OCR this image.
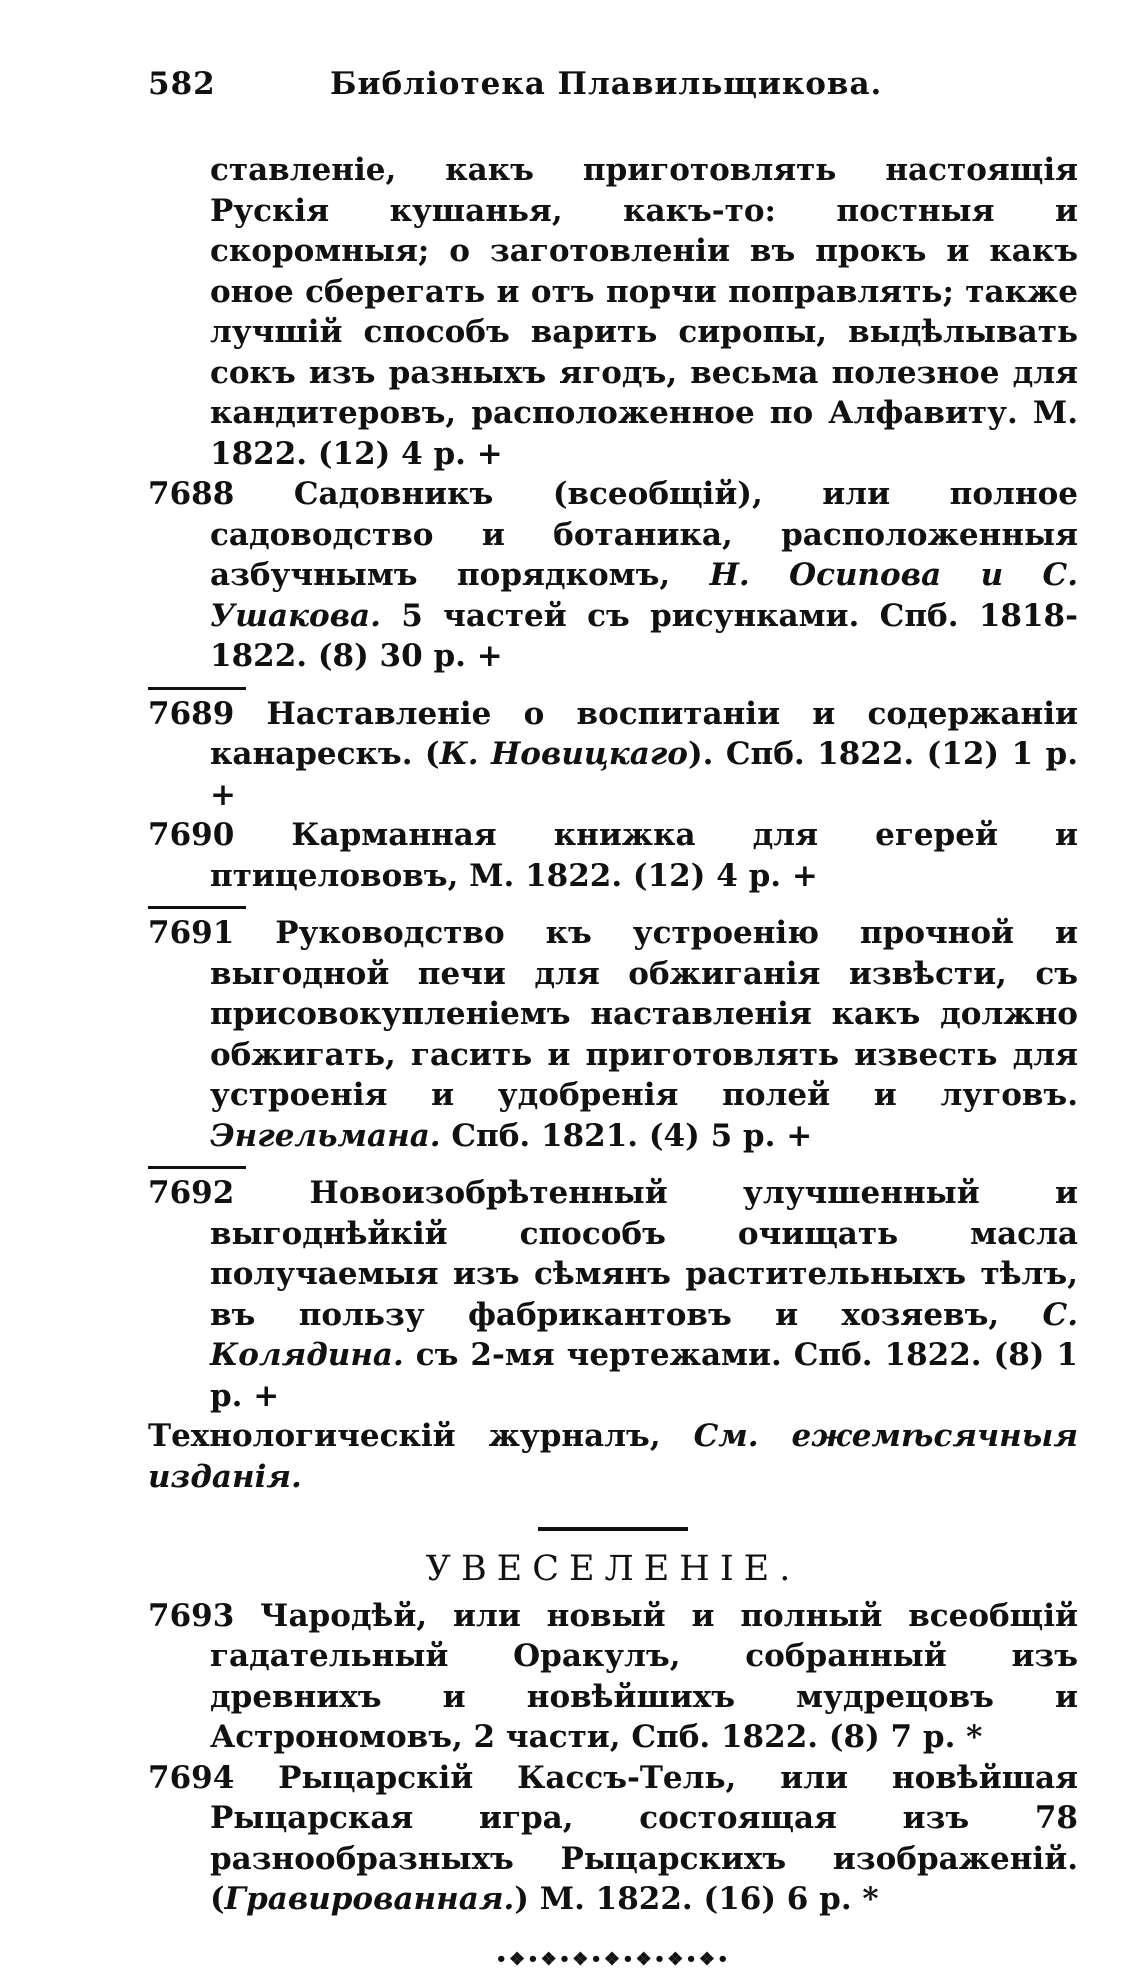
582	Библіотека Плавильщикова.

ставленіе, какъ приготовлять настоящія Рускія кушанья, какъ-то: постныя и скоромныя; о заготовленіи въ прокъ и какъ оное сберегать и отъ порчи поправлять; также лучшій способъ варить сиропы, выдѣлывать сокъ изъ разныхъ ягодъ, весьма полезное для кандитеровъ, расположенное по Алфавиту. М. 1822. (12) 4 р. +

7688 Садовникъ (всеобщій), или полное садоводство и ботаника, расположенныя азбучнымъ порядкомъ, Н. Осипова и С. Ушакова. 5 частей съ рисунками. Спб. 1818-1822. (8) 30 р. +

7689 Наставленіе о воспитаніи и содержаніи канарескъ. (К. Новицкаго). Спб. 1822. (12) 1 р. +

7690 Карманная книжка для егерей и птицелововъ, М. 1822. (12) 4 р. +

7691 Руководство къ устроенію прочной и выгодной печи для обжиганія извѣсти, съ присовокупленіемъ наставленія какъ должно обжигать, гасить и приготовлять известь для устроенія и удобренія полей и луговъ. Энгельмана. Спб. 1821. (4) 5 р. +

7692 Новоизобрѣтенный улучшенный и выгоднѣйкій способъ очищать масла получаемыя изъ сѣмянъ растительныхъ тѣлъ, въ пользу фабрикантовъ и хозяевъ, С. Колядина. съ 2-мя чертежами. Спб. 1822. (8) 1 р. +

Технологическій журналъ, См. ежемѣсячныя изданія.

УВЕСЕЛЕНІЕ.

7693 Чародѣй, или новый и полный всеобщій гадательный Оракулъ, собранный изъ древнихъ и новѣйшихъ мудрецовъ и Астрономовъ, 2 части, Спб. 1822. (8) 7 р. *

7694 Рыцарскій Кассъ-Тель, или новѣйшая Рыцарская игра, состоящая изъ 78 разнообразныхъ Рыцарскихъ изображеній. (Гравированная.) М. 1822. (16) 6 р. *

•❖•❖•❖•❖•❖•❖•❖•
